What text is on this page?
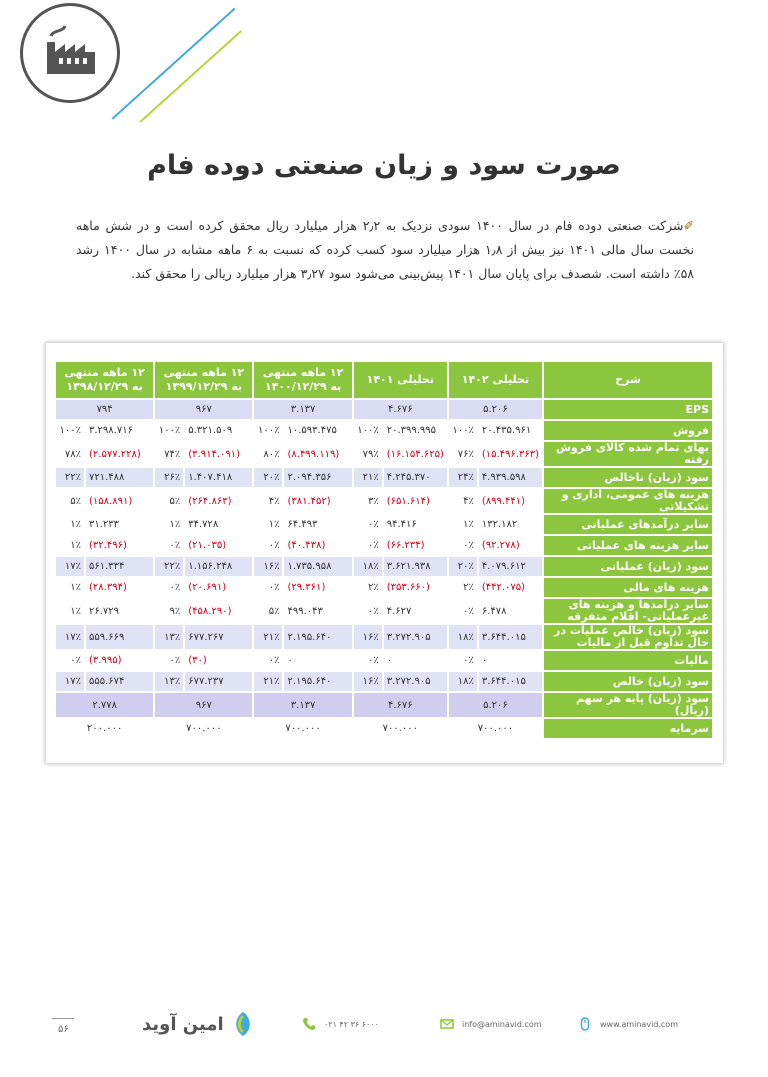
صورت سود و زیان صنعتی دوده فام
✐شرکت صنعتی دوده فام در سال ۱۴۰۰ سودی نزدیک به ۲٫۲ هزار میلیارد ریال محقق کرده است و در شش ماهه نخست سال مالی ۱۴۰۱ نیز بیش از ۱٫۸ هزار میلیارد سود کسب کرده که نسبت به ۶ ماهه مشابه در سال ۱۴۰۰ رشد ۵۸٪ داشته است. شصدف برای پایان سال ۱۴۰۱ پیش‌بینی می‌شود سود ۳٫۲۷ هزار میلیارد ریالی را محقق کند.
شرح	تحلیلی ۱۴۰۲		تحلیلی ۱۴۰۱		۱۲ ماهه منتهی به ۱۴۰۰/۱۲/۲۹		۱۲ ماهه منتهی به ۱۳۹۹/۱۲/۲۹		۱۲ ماهه منتهی به ۱۳۹۸/۱۲/۲۹	
EPS	۵.۲۰۶		۴.۶۷۶		۳.۱۳۷		۹۶۷		۷۹۴	
فروش	۲۰.۴۳۵.۹۶۱	۱۰۰٪	۲۰.۳۹۹.۹۹۵	۱۰۰٪	۱۰.۵۹۳.۴۷۵	۱۰۰٪	۵.۳۲۱.۵۰۹	۱۰۰٪	۳.۲۹۸.۷۱۶	۱۰۰٪
بهای تمام شده کالای فروش رفته	(۱۵.۴۹۶.۳۶۳)	۷۶٪	(۱۶.۱۵۴.۶۲۵)	۷۹٪	(۸.۴۹۹.۱۱۹)	۸۰٪	(۳.۹۱۴.۰۹۱)	۷۴٪	(۲.۵۷۷.۲۲۸)	۷۸٪
سود (زیان) ناخالص	۴.۹۳۹.۵۹۸	۲۴٪	۴.۲۴۵.۳۷۰	۲۱٪	۲.۰۹۴.۳۵۶	۲۰٪	۱.۴۰۷.۴۱۸	۲۶٪	۷۲۱.۴۸۸	۲۲٪
هزینه های عمومی، اداری و تشکیلاتی	(۸۹۹.۴۴۱)	۴٪	(۶۵۱.۶۱۴)	۳٪	(۳۸۱.۴۵۲)	۴٪	(۲۶۴.۸۶۳)	۵٪	(۱۵۸.۸۹۱)	۵٪
سایر درآمدهای عملیاتی	۱۳۲.۱۸۲	۱٪	۹۴.۴۱۶	۰٪	۶۴.۴۹۳	۱٪	۳۴.۷۲۸	۱٪	۳۱.۲۳۳	۱٪
سایر هزینه های عملیاتی	(۹۲.۲۷۸)	۰٪	(۶۶.۲۳۴)	۰٪	(۴۰.۴۳۸)	۰٪	(۲۱.۰۳۵)	۰٪	(۳۲.۴۹۶)	۱٪
سود (زیان) عملیاتی	۴.۰۷۹.۶۱۲	۲۰٪	۳.۶۲۱.۹۳۸	۱۸٪	۱.۷۳۵.۹۵۸	۱۶٪	۱.۱۵۶.۲۴۸	۲۲٪	۵۶۱.۳۳۴	۱۷٪
هزینه های مالی	(۴۴۲.۰۷۵)	۲٪	(۳۵۳.۶۶۰)	۲٪	(۲۹.۳۶۱)	۰٪	(۲۰.۶۹۱)	۰٪	(۲۸.۳۹۴)	۱٪
سایر درآمدها و هزینه های غیرعملیاتی- اقلام متفرقه	۶.۴۷۸	۰٪	۴.۶۲۷	۰٪	۴۹۹.۰۴۳	۵٪	(۴۵۸.۲۹۰)	۹٪	۲۶.۷۲۹	۱٪
سود (زیان) خالص عملیات در حال تداوم قبل از مالیات	۳.۶۴۴.۰۱۵	۱۸٪	۳.۲۷۲.۹۰۵	۱۶٪	۲.۱۹۵.۶۴۰	۲۱٪	۶۷۷.۲۶۷	۱۳٪	۵۵۹.۶۶۹	۱۷٪
مالیات	۰	۰٪	۰	۰٪	۰	۰٪	(۳۰)	۰٪	(۳.۹۹۵)	۰٪
سود (زیان) خالص	۳.۶۴۴.۰۱۵	۱۸٪	۳.۲۷۲.۹۰۵	۱۶٪	۲.۱۹۵.۶۴۰	۲۱٪	۶۷۷.۲۳۷	۱۳٪	۵۵۵.۶۷۴	۱۷٪
سود (زیان) پایه هر سهم (ریال)	۵.۲۰۶		۴.۶۷۶		۳.۱۳۷		۹۶۷		۲.۷۷۸	
سرمایه	۷۰۰.۰۰۰		۷۰۰.۰۰۰		۷۰۰.۰۰۰		۷۰۰.۰۰۰		۲۰۰.۰۰۰	
۵۶	امین آوید	۰۲۱ ۴۲ ۳۶ ۶۰۰۰	info@aminavid.com	www.aminavid.com
